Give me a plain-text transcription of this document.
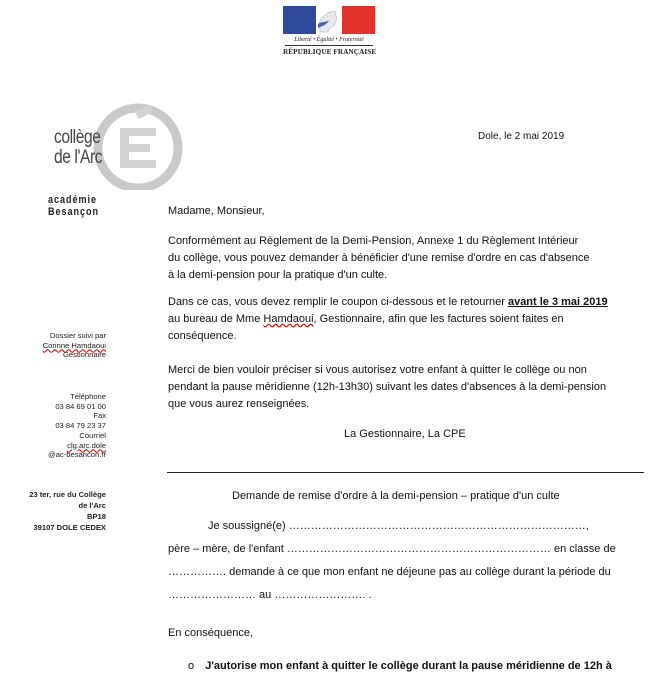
Liberté • Égalité • Fraternité
RÉPUBLIQUE FRANÇAISE
collège
de l'Arc
académie
Besançon
Dossier suivi par
Corinne Hamdaoui
Gestionnaire
Téléphone
03 84 69 01 00
Fax
03 84 79 23 37
Courriel
clg.arc.dole
@ac-besancon.fr
23 ter, rue du Collège
de l'Arc
BP18
39107 DOLE CEDEX
Dole, le 2 mai 2019
Madame, Monsieur,
Conformément au Règlement de la Demi-Pension, Annexe 1 du Règlement Intérieur
du collège, vous pouvez demander à bénéficier d'une remise d'ordre en cas d'absence
à la demi-pension pour la pratique d'un culte.
Dans ce cas, vous devez remplir le coupon ci-dessous et le retourner avant le 3 mai 2019
au bureau de Mme Hamdaoui, Gestionnaire, afin que les factures soient faites en
conséquence.
Merci de bien vouloir préciser si vous autorisez votre enfant à quitter le collège ou non
pendant la pause méridienne (12h-13h30) suivant les dates d'absences à la demi-pension
que vous aurez renseignées.
La Gestionnaire, La CPE
Demande de remise d'ordre à la demi-pension – pratique d'un culte
Je soussigné(e) ………………………………………………………………………,
père – mère, de l'enfant ……………………………………………………………… en classe de
……………. demande à ce que mon enfant ne déjeune pas au collège durant la période du
…………………… au ……………………. .
En conséquence,
o J'autorise mon enfant à quitter le collège durant la pause méridienne de 12h à
